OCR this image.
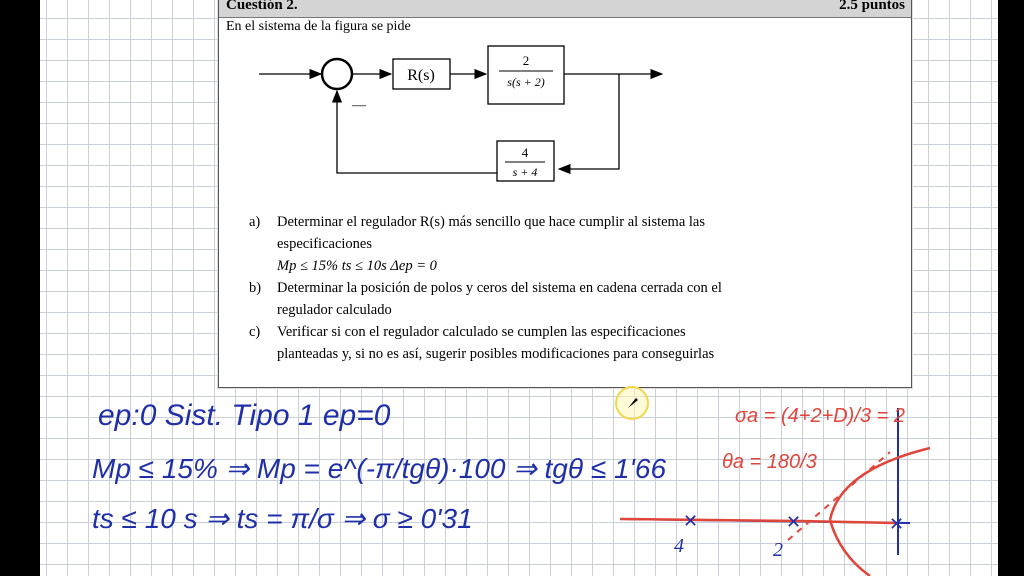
Cuestión 2.	2.5 puntos
En el sistema de la figura se pide
—
R(s)
2
s(s + 2)
4
s + 4
a) Determinar el regulador R(s) más sencillo que hace cumplir al sistema las
especificaciones
Mp ≤ 15% ts ≤ 10s Δep = 0
b) Determinar la posición de polos y ceros del sistema en cadena cerrada con el
regulador calculado
c) Verificar si con el regulador calculado se cumplen las especificaciones
planteadas y, si no es así, sugerir posibles modificaciones para conseguirlas
ep:0 Sist. Tipo 1 ep=0
Mp ≤ 15% ⇒ Mp = e^(-π/tgθ)·100 ⇒ tgθ ≤ 1'66
ts ≤ 10 s ⇒ ts = π/σ ⇒ σ ≥ 0'31	✕	✕	✕
4	2
σa = (4+2+D)/3 = 2
θa = 180/3
